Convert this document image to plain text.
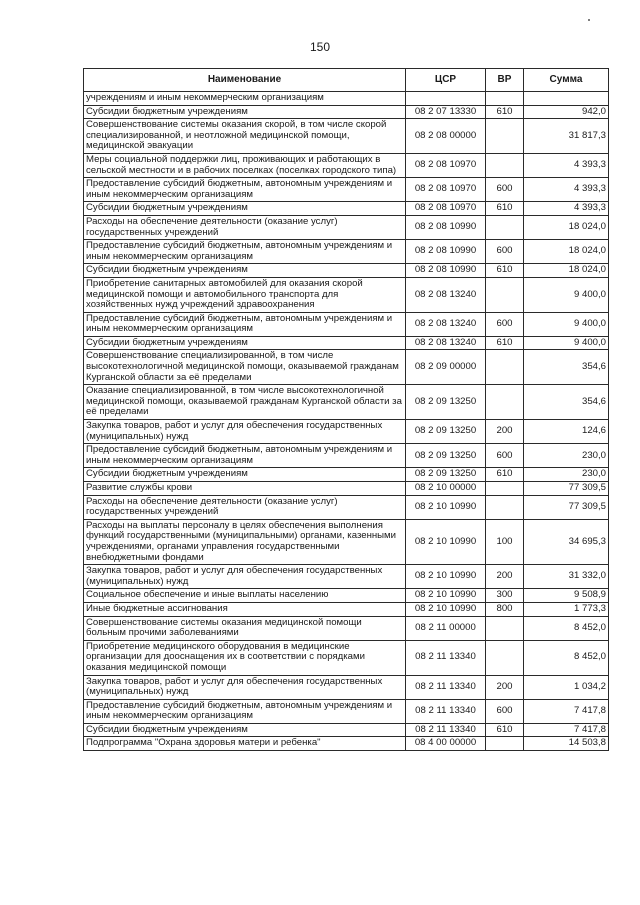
150
Наименование	ЦСР	ВР	Сумма
учреждениям и иным некоммерческим организациям			
Субсидии бюджетным учреждениям	08 2 07 13330	610	942,0
Совершенствование системы оказания скорой, в том числе скорой специализированной, и неотложной медицинской помощи, медицинской эвакуации	08 2 08 00000		31 817,3
Меры социальной поддержки лиц, проживающих и работающих в сельской местности и в рабочих поселках (поселках городского типа)	08 2 08 10970		4 393,3
Предоставление субсидий бюджетным, автономным учреждениям и иным некоммерческим организациям	08 2 08 10970	600	4 393,3
Субсидии бюджетным учреждениям	08 2 08 10970	610	4 393,3
Расходы на обеспечение деятельности (оказание услуг) государственных учреждений	08 2 08 10990		18 024,0
Предоставление субсидий бюджетным, автономным учреждениям и иным некоммерческим организациям	08 2 08 10990	600	18 024,0
Субсидии бюджетным учреждениям	08 2 08 10990	610	18 024,0
Приобретение санитарных автомобилей для оказания скорой медицинской помощи и автомобильного транспорта для хозяйственных нужд учреждений здравоохранения	08 2 08 13240		9 400,0
Предоставление субсидий бюджетным, автономным учреждениям и иным некоммерческим организациям	08 2 08 13240	600	9 400,0
Субсидии бюджетным учреждениям	08 2 08 13240	610	9 400,0
Совершенствование специализированной, в том числе высокотехнологичной медицинской помощи, оказываемой гражданам Курганской области за её пределами	08 2 09 00000		354,6
Оказание специализированной, в том числе высокотехнологичной медицинской помощи, оказываемой гражданам Курганской области за её пределами	08 2 09 13250		354,6
Закупка товаров, работ и услуг для обеспечения государственных (муниципальных) нужд	08 2 09 13250	200	124,6
Предоставление субсидий бюджетным, автономным учреждениям и иным некоммерческим организациям	08 2 09 13250	600	230,0
Субсидии бюджетным учреждениям	08 2 09 13250	610	230,0
Развитие службы крови	08 2 10 00000		77 309,5
Расходы на обеспечение деятельности (оказание услуг) государственных учреждений	08 2 10 10990		77 309,5
Расходы на выплаты персоналу в целях обеспечения выполнения функций государственными (муниципальными) органами, казенными учреждениями, органами управления государственными внебюджетными фондами	08 2 10 10990	100	34 695,3
Закупка товаров, работ и услуг для обеспечения государственных (муниципальных) нужд	08 2 10 10990	200	31 332,0
Социальное обеспечение и иные выплаты населению	08 2 10 10990	300	9 508,9
Иные бюджетные ассигнования	08 2 10 10990	800	1 773,3
Совершенствование системы оказания медицинской помощи больным прочими заболеваниями	08 2 11 00000		8 452,0
Приобретение медицинского оборудования в медицинские организации для дооснащения их в соответствии с порядками оказания медицинской помощи	08 2 11 13340		8 452,0
Закупка товаров, работ и услуг для обеспечения государственных (муниципальных) нужд	08 2 11 13340	200	1 034,2
Предоставление субсидий бюджетным, автономным учреждениям и иным некоммерческим организациям	08 2 11 13340	600	7 417,8
Субсидии бюджетным учреждениям	08 2 11 13340	610	7 417,8
Подпрограмма "Охрана здоровья матери и ребенка"	08 4 00 00000		14 503,8
